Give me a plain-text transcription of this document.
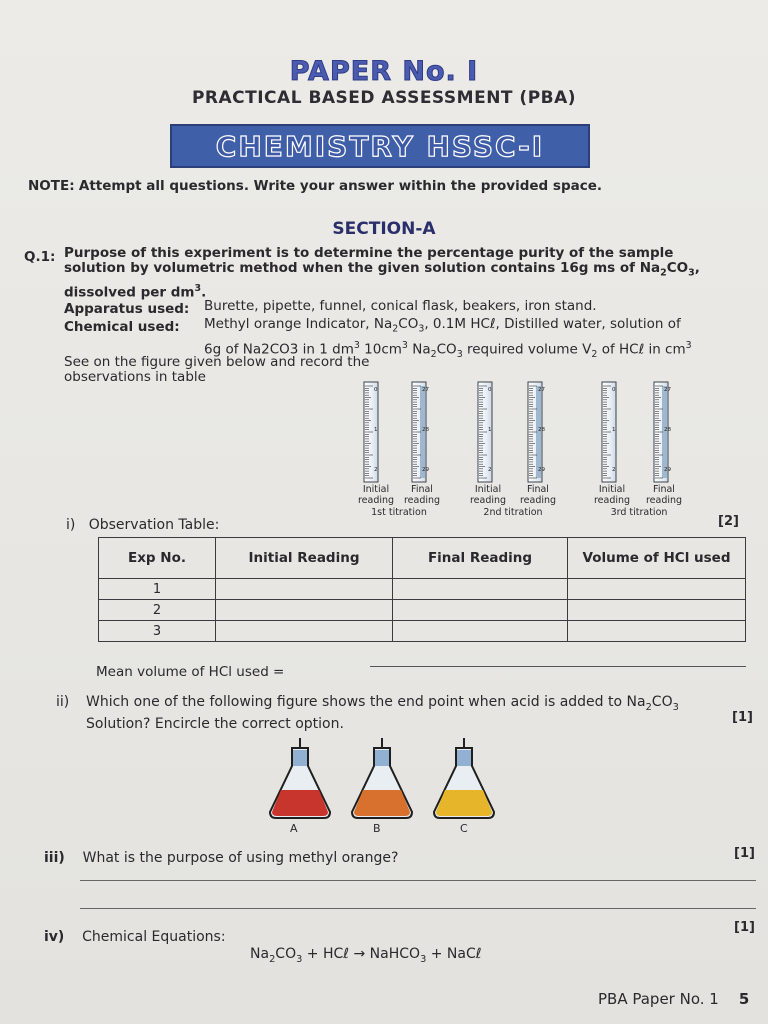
PAPER No. I
PRACTICAL BASED ASSESSMENT (PBA)
CHEMISTRY HSSC-I
NOTE: Attempt all questions. Write your answer within the provided space.
SECTION-A
Q.1: Purpose of this experiment is to determine the percentage purity of the sample
solution by volumetric method when the given solution contains 16g ms of $Na_2CO_3$,
dissolved per $dm^3$.
Apparatus used: Burette, pipette, funnel, conical flask, beakers, iron stand.
Chemical used: Methyl orange Indicator, $Na_2CO_3$, 0.1M HCℓ, Distilled water, solution of
6g of Na2CO3 in 1 $dm^3$ $10cm^3$ $Na_2CO_3$ required volume $V_2$ of HCℓ in $cm^3$
See on the figure given below and record the
observations in table
0
1
2
27
28
29
0
1
2
27
28
29
0
1
2
27
28
29
Initial
reading
Final
reading
1st titration
Initial
reading
Final
reading
2nd titration
Initial
reading
Final
reading
3rd titration
i) Observation Table:	[2]
Exp No.	Initial Reading	Final Reading	Volume of HCl used
1			
2			
3			
Mean volume of HCl used =
ii) Which one of the following figure shows the end point when acid is added to $Na_2CO_3$
Solution? Encircle the correct option.	[1]
A	B	C
iii) What is the purpose of using methyl orange?	[1]
iv) Chemical Equations:
[1]
$Na_2CO_3$ + HCℓ → NaHCO$_3$ + NaCℓ
PBA Paper No. 1 5
